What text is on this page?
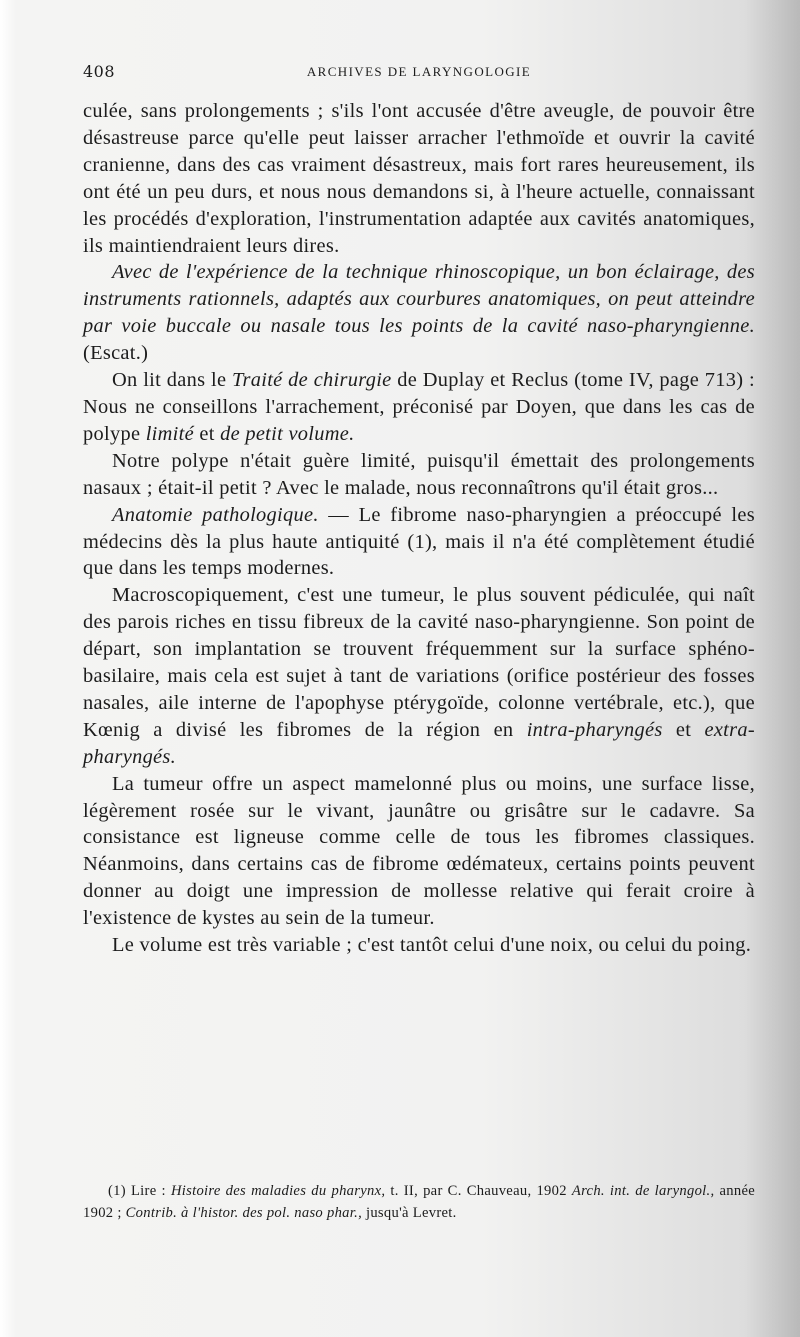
408	ARCHIVES DE LARYNGOLOGIE

culée, sans prolongements ; s'ils l'ont accusée d'être aveugle, de pouvoir être désastreuse parce qu'elle peut laisser arracher l'ethmoïde et ouvrir la cavité cranienne, dans des cas vraiment désastreux, mais fort rares heureusement, ils ont été un peu durs, et nous nous demandons si, à l'heure actuelle, connaissant les procédés d'exploration, l'instrumentation adaptée aux cavités anatomiques, ils maintiendraient leurs dires.

Avec de l'expérience de la technique rhinoscopique, un bon éclairage, des instruments rationnels, adaptés aux courbures anatomiques, on peut atteindre par voie buccale ou nasale tous les points de la cavité naso-pharyngienne. (Escat.)

On lit dans le Traité de chirurgie de Duplay et Reclus (tome IV, page 713) : Nous ne conseillons l'arrachement, préconisé par Doyen, que dans les cas de polype limité et de petit volume.

Notre polype n'était guère limité, puisqu'il émettait des prolongements nasaux ; était-il petit ? Avec le malade, nous reconnaîtrons qu'il était gros...

Anatomie pathologique. — Le fibrome naso-pharyngien a préoccupé les médecins dès la plus haute antiquité (1), mais il n'a été complètement étudié que dans les temps modernes.

Macroscopiquement, c'est une tumeur, le plus souvent pédiculée, qui naît des parois riches en tissu fibreux de la cavité naso-pharyngienne. Son point de départ, son implantation se trouvent fréquemment sur la surface sphéno-basilaire, mais cela est sujet à tant de variations (orifice postérieur des fosses nasales, aile interne de l'apophyse ptérygoïde, colonne vertébrale, etc.), que Kœnig a divisé les fibromes de la région en intra-pharyngés et extra-pharyngés.

La tumeur offre un aspect mamelonné plus ou moins, une surface lisse, légèrement rosée sur le vivant, jaunâtre ou grisâtre sur le cadavre. Sa consistance est ligneuse comme celle de tous les fibromes classiques. Néanmoins, dans certains cas de fibrome œdémateux, certains points peuvent donner au doigt une impression de mollesse relative qui ferait croire à l'existence de kystes au sein de la tumeur.

Le volume est très variable ; c'est tantôt celui d'une noix, ou celui du poing.

(1) Lire : Histoire des maladies du pharynx, t. II, par C. Chauveau, 1902 Arch. int. de laryngol., année 1902 ; Contrib. à l'histor. des pol. naso phar., jusqu'à Levret.
